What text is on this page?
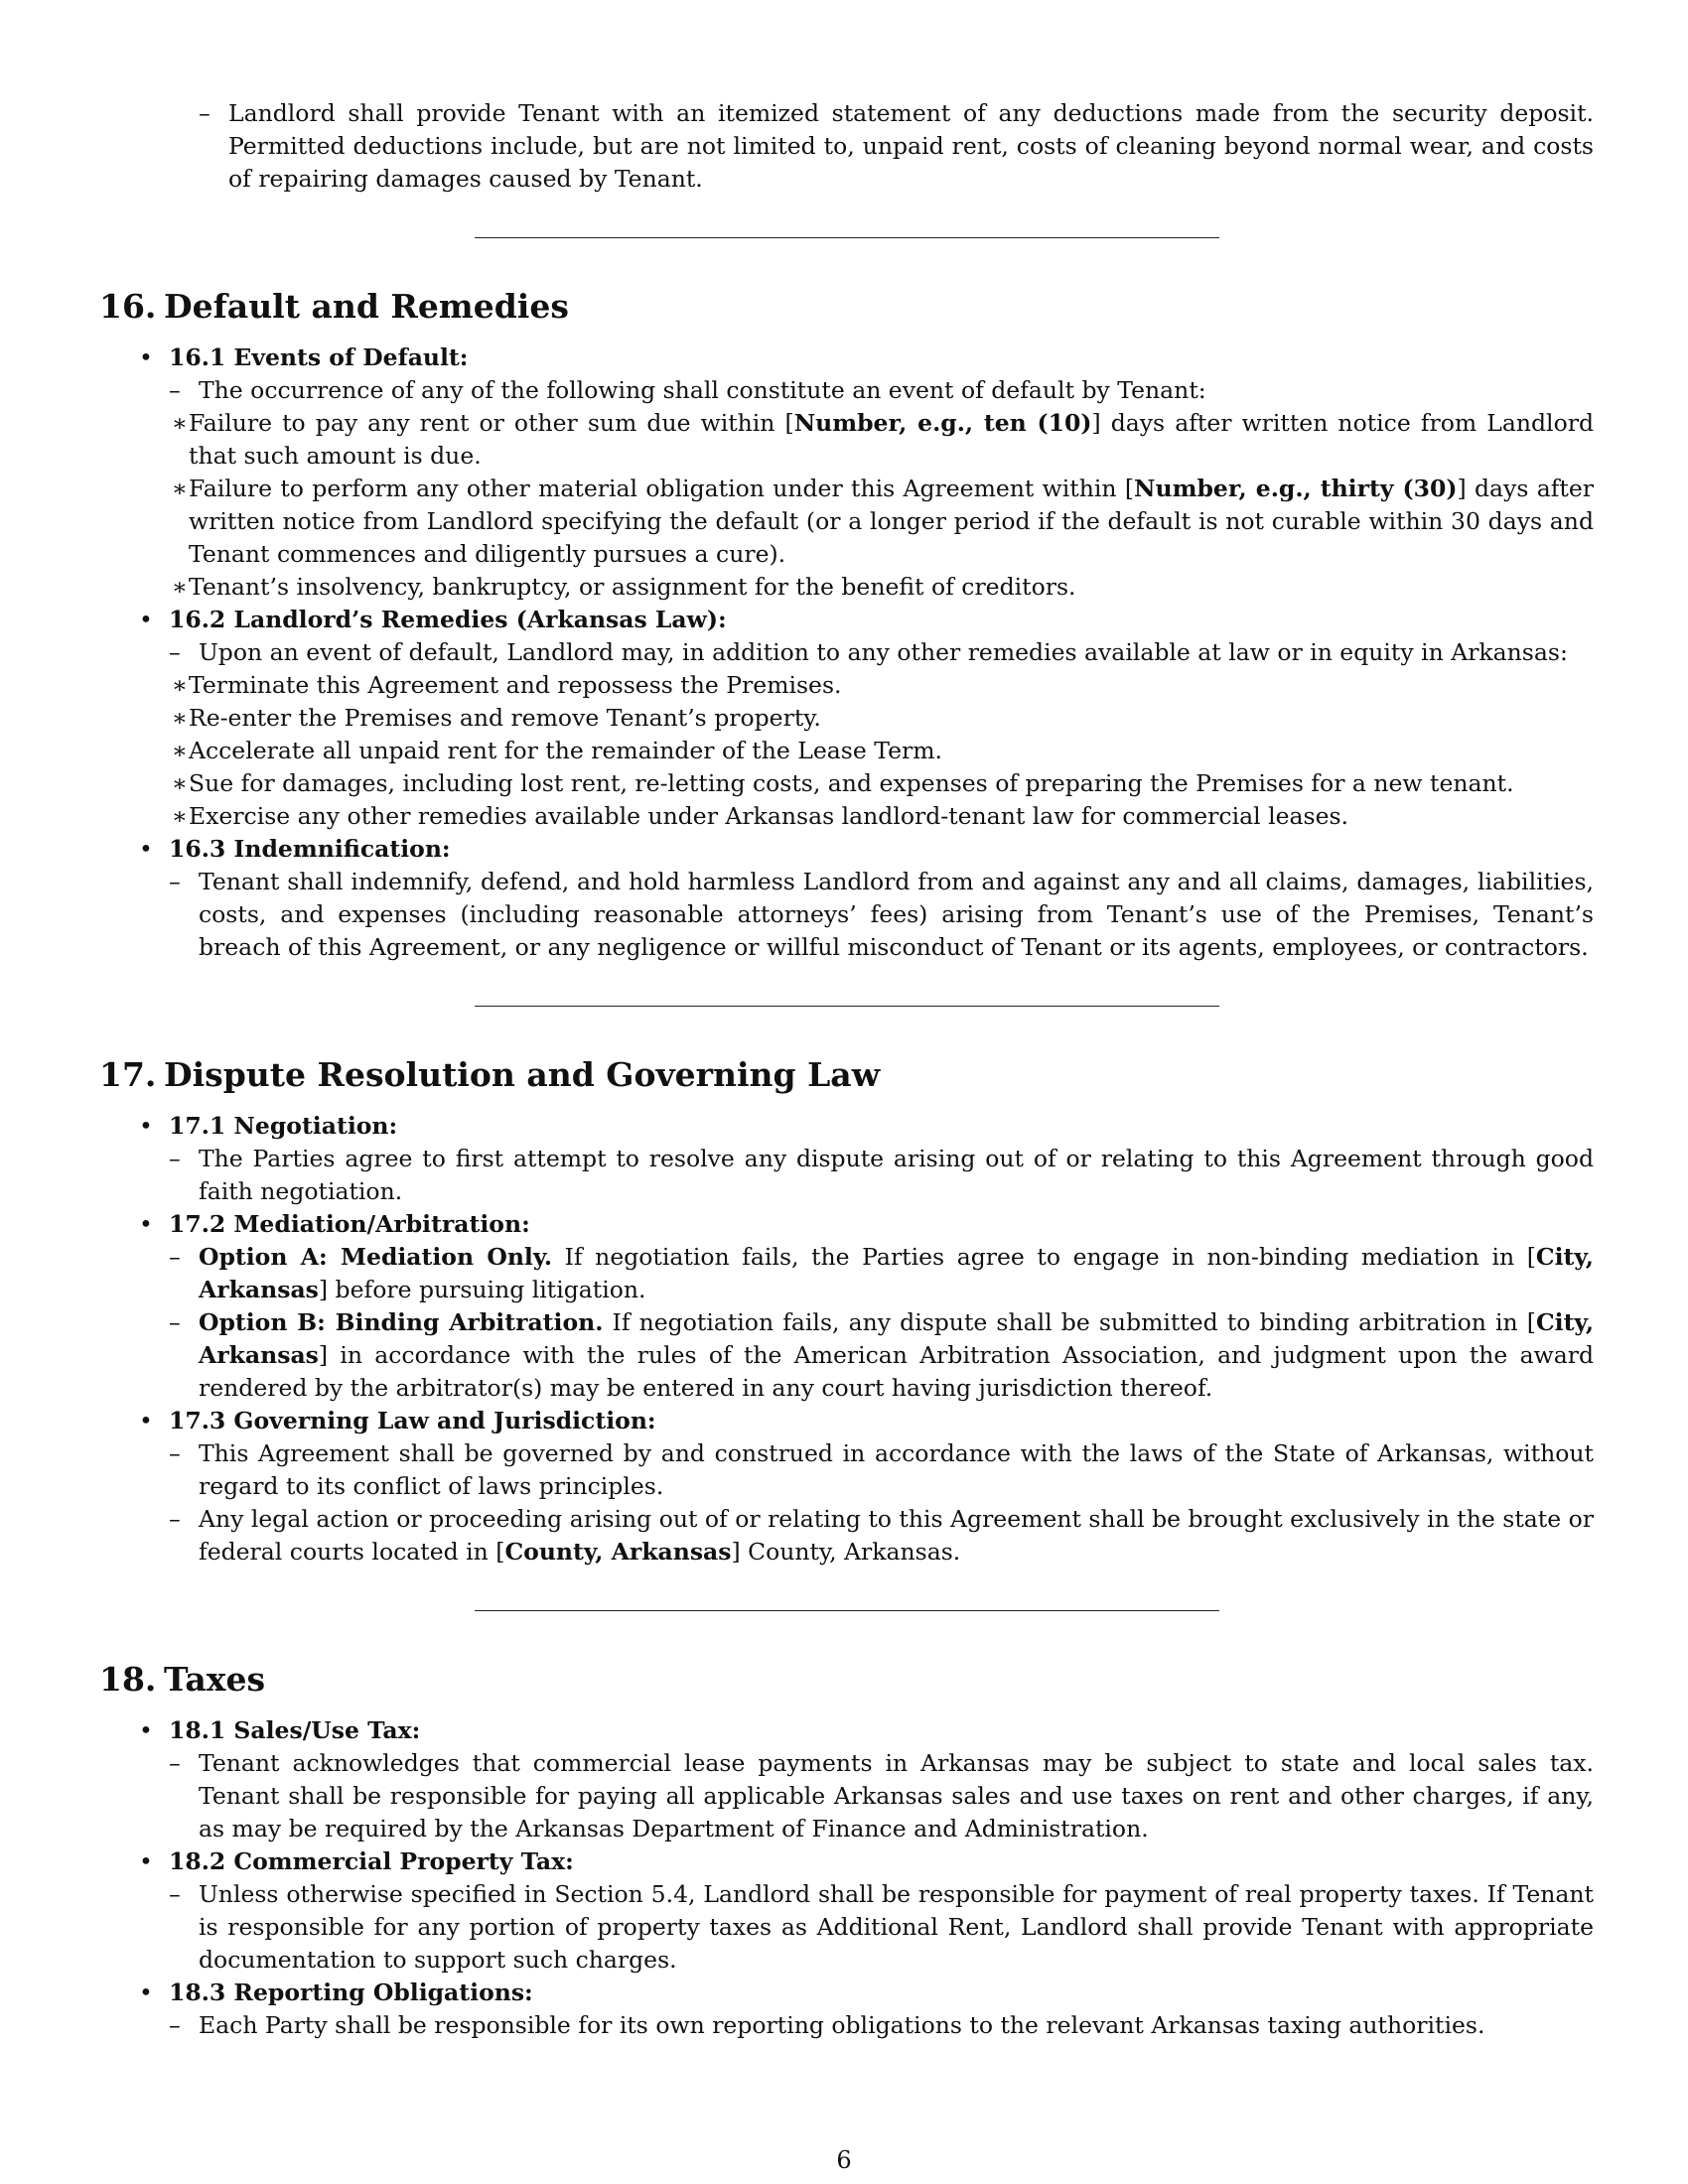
– Landlord shall provide Tenant with an itemized statement of any deductions made from the security deposit. Permitted deductions include, but are not limited to, unpaid rent, costs of cleaning beyond normal wear, and costs of repairing damages caused by Tenant.
16. Default and Remedies
• 16.1 Events of Default:
– The occurrence of any of the following shall constitute an event of default by Tenant:
∗ Failure to pay any rent or other sum due within [Number, e.g., ten (10)] days after written notice from Landlord that such amount is due.
∗ Failure to perform any other material obligation under this Agreement within [Number, e.g., thirty (30)] days after written notice from Landlord specifying the default (or a longer period if the default is not curable within 30 days and Tenant commences and diligently pursues a cure).
∗ Tenant’s insolvency, bankruptcy, or assignment for the benefit of creditors.
• 16.2 Landlord’s Remedies (Arkansas Law):
– Upon an event of default, Landlord may, in addition to any other remedies available at law or in equity in Arkansas:
∗ Terminate this Agreement and repossess the Premises.
∗ Re-enter the Premises and remove Tenant’s property.
∗ Accelerate all unpaid rent for the remainder of the Lease Term.
∗ Sue for damages, including lost rent, re-letting costs, and expenses of preparing the Premises for a new tenant.
∗ Exercise any other remedies available under Arkansas landlord-tenant law for commercial leases.
• 16.3 Indemnification:
– Tenant shall indemnify, defend, and hold harmless Landlord from and against any and all claims, damages, liabilities, costs, and expenses (including reasonable attorneys’ fees) arising from Tenant’s use of the Premises, Tenant’s breach of this Agreement, or any negligence or willful misconduct of Tenant or its agents, employees, or contractors.
17. Dispute Resolution and Governing Law
• 17.1 Negotiation:
– The Parties agree to first attempt to resolve any dispute arising out of or relating to this Agreement through good faith negotiation.
• 17.2 Mediation/Arbitration:
– Option A: Mediation Only. If negotiation fails, the Parties agree to engage in non-binding mediation in [City, Arkansas] before pursuing litigation.
– Option B: Binding Arbitration. If negotiation fails, any dispute shall be submitted to binding arbitration in [City, Arkansas] in accordance with the rules of the American Arbitration Association, and judgment upon the award rendered by the arbitrator(s) may be entered in any court having jurisdiction thereof.
• 17.3 Governing Law and Jurisdiction:
– This Agreement shall be governed by and construed in accordance with the laws of the State of Arkansas, without regard to its conflict of laws principles.
– Any legal action or proceeding arising out of or relating to this Agreement shall be brought exclusively in the state or federal courts located in [County, Arkansas] County, Arkansas.
18. Taxes
• 18.1 Sales/Use Tax:
– Tenant acknowledges that commercial lease payments in Arkansas may be subject to state and local sales tax. Tenant shall be responsible for paying all applicable Arkansas sales and use taxes on rent and other charges, if any, as may be required by the Arkansas Department of Finance and Administration.
• 18.2 Commercial Property Tax:
– Unless otherwise specified in Section 5.4, Landlord shall be responsible for payment of real property taxes. If Tenant is responsible for any portion of property taxes as Additional Rent, Landlord shall provide Tenant with appropriate documentation to support such charges.
• 18.3 Reporting Obligations:
– Each Party shall be responsible for its own reporting obligations to the relevant Arkansas taxing authorities.
6
